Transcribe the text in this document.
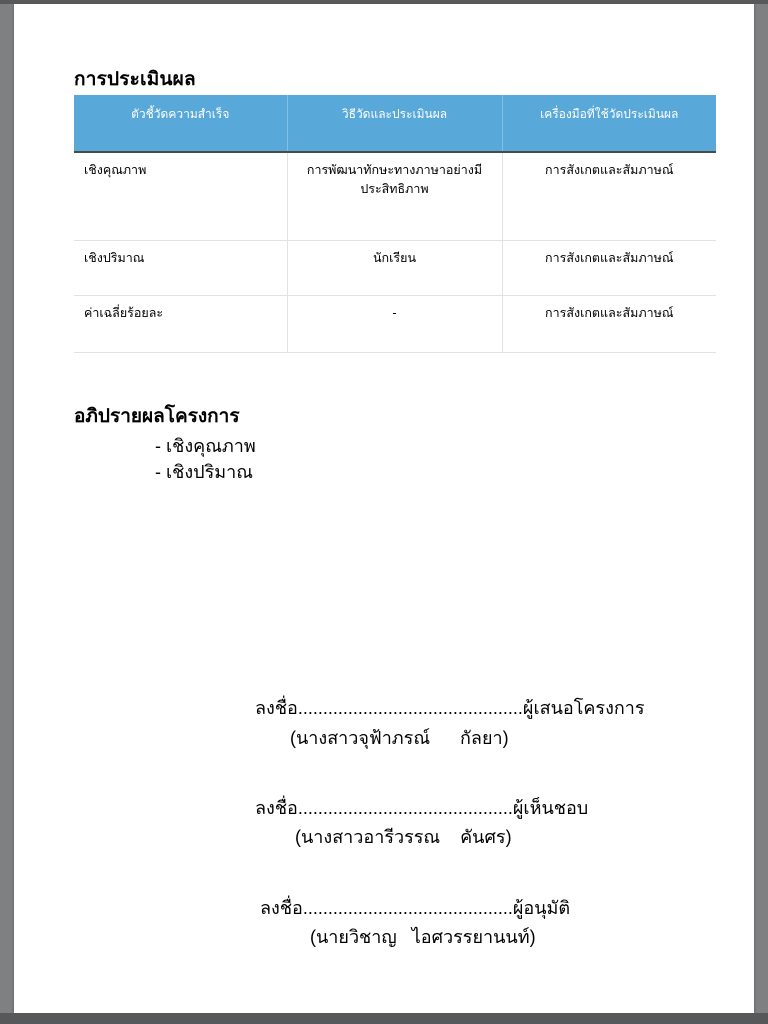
การประเมินผล
ตัวชี้วัดความสำเร็จ	วิธีวัดและประเมินผล	เครื่องมือที่ใช้วัดประเมินผล
เชิงคุณภาพ	การพัฒนาทักษะทางภาษาอย่างมีประสิทธิภาพ	การสังเกตและสัมภาษณ์
เชิงปริมาณ	นักเรียน	การสังเกตและสัมภาษณ์
ค่าเฉลี่ยร้อยละ	-	การสังเกตและสัมภาษณ์
อภิปรายผลโครงการ
- เชิงคุณภาพ
- เชิงปริมาณ
ลงชื่อ.............................................ผู้เสนอโครงการ
(นางสาวจุฟ้าภรณ์      กัลยา)
ลงชื่อ...........................................ผู้เห็นชอบ
(นางสาวอารีวรรณ    คันศร)
ลงชื่อ..........................................ผู้อนุมัติ
(นายวิชาญ   ไอศวรรยานนท์)
